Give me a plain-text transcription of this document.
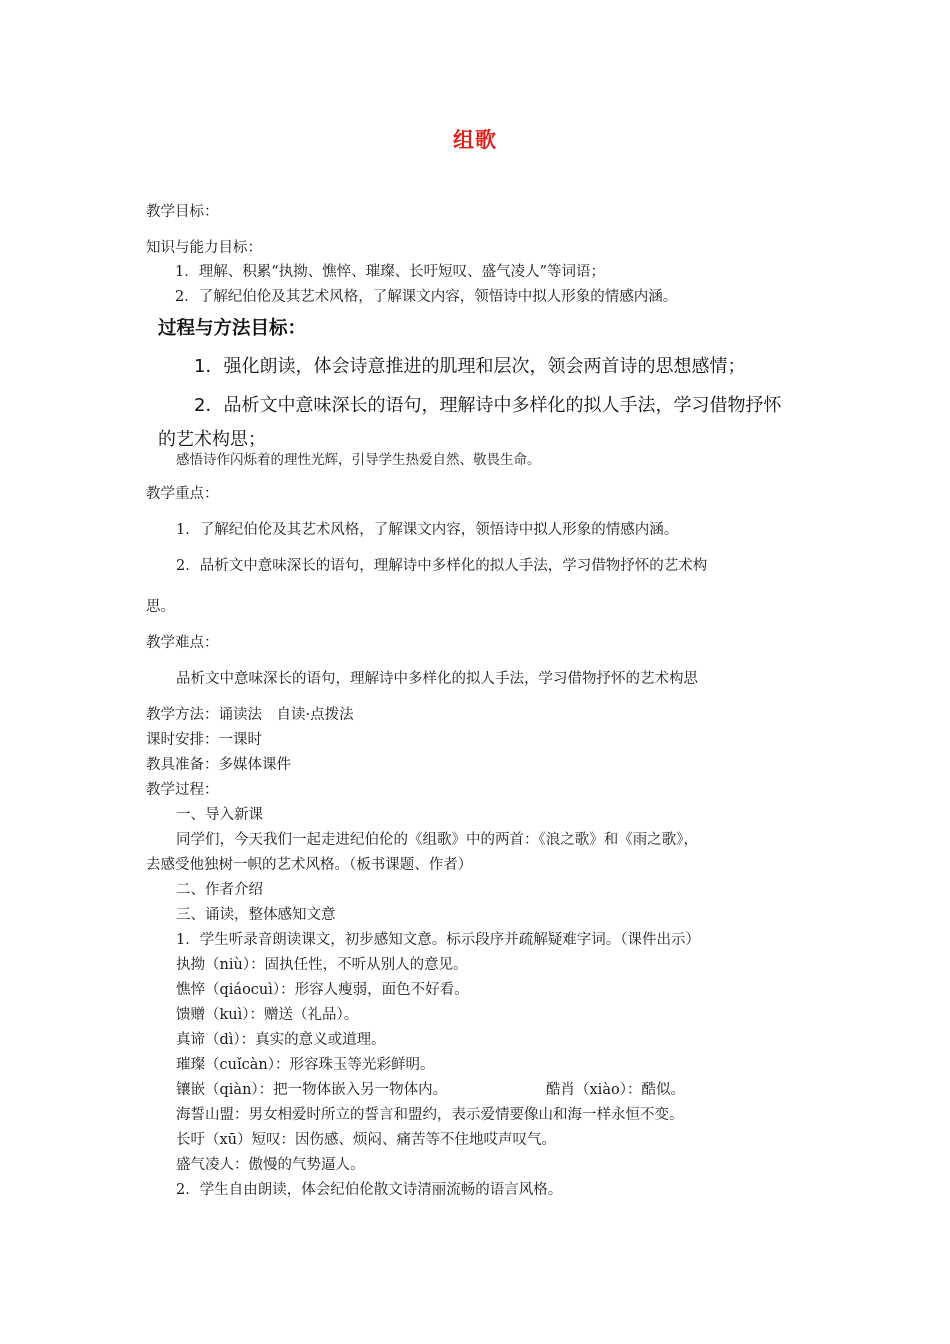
组歌
教学目标：
知识与能力目标：
1．理解、积累“执拗、憔悴、璀璨、长吁短叹、盛气凌人”等词语；
2．了解纪伯伦及其艺术风格，了解课文内容，领悟诗中拟人形象的情感内涵。
过程与方法目标：
1．强化朗读，体会诗意推进的肌理和层次，领会两首诗的思想感情；
2．品析文中意味深长的语句，理解诗中多样化的拟人手法，学习借物抒怀
的艺术构思；
感悟诗作闪烁着的理性光辉，引导学生热爱自然、敬畏生命。
教学重点：
1．了解纪伯伦及其艺术风格，了解课文内容，领悟诗中拟人形象的情感内涵。
2．品析文中意味深长的语句，理解诗中多样化的拟人手法，学习借物抒怀的艺术构
思。
教学难点：
品析文中意味深长的语句，理解诗中多样化的拟人手法，学习借物抒怀的艺术构思
教学方法：诵读法　自读·点拨法
课时安排：一课时
教具准备：多媒体课件
教学过程：
一、导入新课
同学们，今天我们一起走进纪伯伦的《组歌》中的两首：《浪之歌》和《雨之歌》，
去感受他独树一帜的艺术风格。（板书课题、作者）
二、作者介绍
三、诵读，整体感知文意
1．学生听录音朗读课文，初步感知文意。标示段序并疏解疑难字词。（课件出示）
执拗（niù）：固执任性，不听从别人的意见。
憔悴（qiáocuì）：形容人瘦弱，面色不好看。
馈赠（kuì）：赠送（礼品）。
真谛（dì）：真实的意义或道理。
璀璨（cuǐcàn）：形容珠玉等光彩鲜明。
镶嵌（qiàn）：把一物体嵌入另一物体内。	酷肖（xiào）：酷似。
海誓山盟：男女相爱时所立的誓言和盟约，表示爱情要像山和海一样永恒不变。
长吁（xū）短叹：因伤感、烦闷、痛苦等不住地哎声叹气。
盛气凌人：傲慢的气势逼人。
2．学生自由朗读，体会纪伯伦散文诗清丽流畅的语言风格。
